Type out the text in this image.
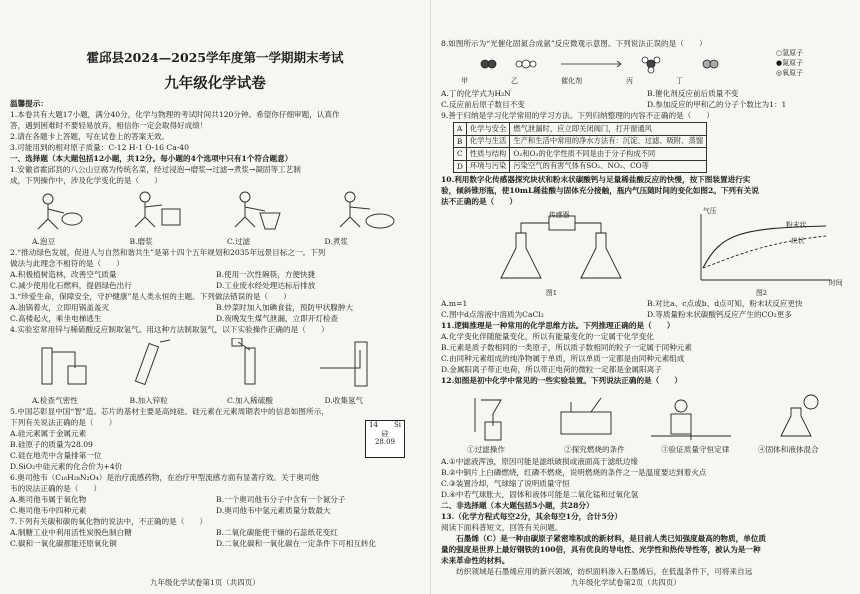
霍邱县2024—2025学年度第一学期期末考试
九年级化学试卷
温馨提示：
1.本卷共有大题17小题，满分40分，化学与物理的考试时间共120分钟。希望你仔细审题，认真作
答，遇到困难时不要轻易放弃，相信你一定会取得好成绩！
2.请在各题卡上答题，写在试卷上的答案无效。
3.可能用到的相对原子质量：C-12 H-1 O-16 Ca-40
一、选择题（本大题包括12小题，共12分。每小题的4个选项中只有1个符合题意）
1.安徽省霍邱县的八公山豆腐为传统名菜，经过浸泡→磨浆→过滤→煮浆→凝固等工艺制
成，下列操作中，涉及化学变化的是（　　）
A.泡豆	B.磨浆	C.过滤	D.煮浆
2.“推动绿色发展，促进人与自然和谐共生”是第十四个五年规划和2035年远景目标之一。下列
做法与此理念不相符的是（　　）
A.积极植树造林，改善空气质量	B.使用一次性碗筷，方便快捷
C.减少使用化石燃料，提倡绿色出行	D.工业废水经处理达标后排放
3.“珍爱生命，保障安全，守护健康”是人类永恒的主题。下列做法错误的是（　　）
A.油锅着火，立即用锅盖盖灭	B.炒菜时加入加碘食盐，预防甲状腺肿大
C.高楼起火，乘坐电梯逃生	D.夜晚发生煤气泄漏，立即开灯检查
4.实验室常用锌与稀硫酸反应制取氢气。用这种方法制取氢气，以下实验操作正确的是（　　）
A.检查气密性	B.加入锌粒	C.加入稀硫酸	D.收集氢气
5.中国芯彰显中国“智”造。芯片的基材主要是高纯硅。硅元素在元素周期表中的信息如图所示，
下列有关说法正确的是（　　）
A.硅元素属于金属元素
B.硅原子的质量为28.09
C.硅在地壳中含量排第一位
D.SiO₂中硅元素的化合价为+4价
14 Si
硅
28.09
6.奥司他韦（C₁₆H₂₈N₂O₄）是治疗流感药物，在治疗甲型流感方面有显著疗效。关于奥司他
韦的说法正确的是（　　）
A.奥司他韦属于氧化物	B.一个奥司他韦分子中含有一个氮分子
C.奥司他韦中四种元素	D.奥司他韦中氢元素质量分数最大
7.下列有关碳和碳的氧化物的说法中，不正确的是（　　）
A.制糖工业中利用活性炭脱色制白糖	B.二氧化碳能使干燥的石蕊纸花变红
C.碳和一氧化碳都能还原氧化铜	D.二氧化碳和一氧化碳在一定条件下可相互转化
九年级化学试卷第1页（共四页）
8.如图所示为“光催化固氮合成氨”反应微观示意图。下列说法正误的是（　　）
甲	乙	催化剂	丙	丁
○氢原子
●氮原子
◎氧原子
A.丁的化学式为H₂N	B.催化剂反应前后质量不变
C.反应前后原子数目不变	D.参加反应的甲和乙的分子个数比为1：1
9.善于归纳是学习化学常用的学习方法。下列归纳整理的内容不正确的是（　　）
A	化学与安全	燃气泄漏时，应立即关闭阀门，打开窗通风
B	化学与生活	生产和生活中常用的净水方法有：沉淀、过滤、吸附、蒸馏
C	性质与结构	O₂和O₃的化学性质不同是由于分子构成不同
D	环境与污染	污染空气的有害气体有SO₂、NO₂、CO等
10.利用数字化传感器探究块状和粉末状碳酸钙与足量稀盐酸反应的快慢，按下图装置进行实
验，倾斜锥形瓶，使10mL稀盐酸与固体充分接触，瓶内气压随时间的变化如图2。下列有关说
法不正确的是（　　）
传感器
图1	图2
粉末状
块状
气压
时间
A.m=1	B.对比a、c点或b、d点可知，粉末状反应更快
C.图中d点溶液中溶质为CaCl₂	D.等质量粉末状碳酸钙反应产生的CO₂更多
11.逻辑推理是一种常用的化学思维方法。下列推理正确的是（　　）
A.化学变化伴随能量变化，所以有能量变化的一定属于化学变化
B.元素是质子数相同的一类原子，所以质子数相同的粒子一定属于同种元素
C.由同种元素组成的纯净物属于单质，所以单质一定都是由同种元素组成
D.金属阳离子带正电荷，所以带正电荷的微粒一定都是金属阳离子
12.如图是初中化学中常见的一些实验装置。下列说法正确的是（　　）
①过滤操作	②探究燃烧的条件	③验证质量守恒定律	④固体和液体混合
A.①中滤液浑浊，原因可能是滤纸破损或液面高于滤纸边缘
B.②中铜片上白磷燃烧，红磷不燃烧，说明燃烧的条件之一是温度要达到着火点
C.③装置冷却，气球缩了说明质量守恒
D.④中若气球胀大，固体和液体可能是二氧化锰和过氧化氢
二、非选择题（本大题包括5小题，共28分）
13.（化学方程式每空2分，其余每空1分，合计5分）
阅读下面科普短文，回答有关问题。
　　石墨烯（C）是一种由碳原子紧密堆积成的新材料，是目前人类已知强度最高的物质，单位质
量的强度是世界上最好钢铁的100倍，具有优良的导电性、光学性和热传导性等，被认为是一种
未来革命性的材料。
　　纺织领域是石墨烯应用的新兴领域，纺织面料渗入石墨烯后，在低温条件下，可将来自远
九年级化学试卷第2页（共四页）
